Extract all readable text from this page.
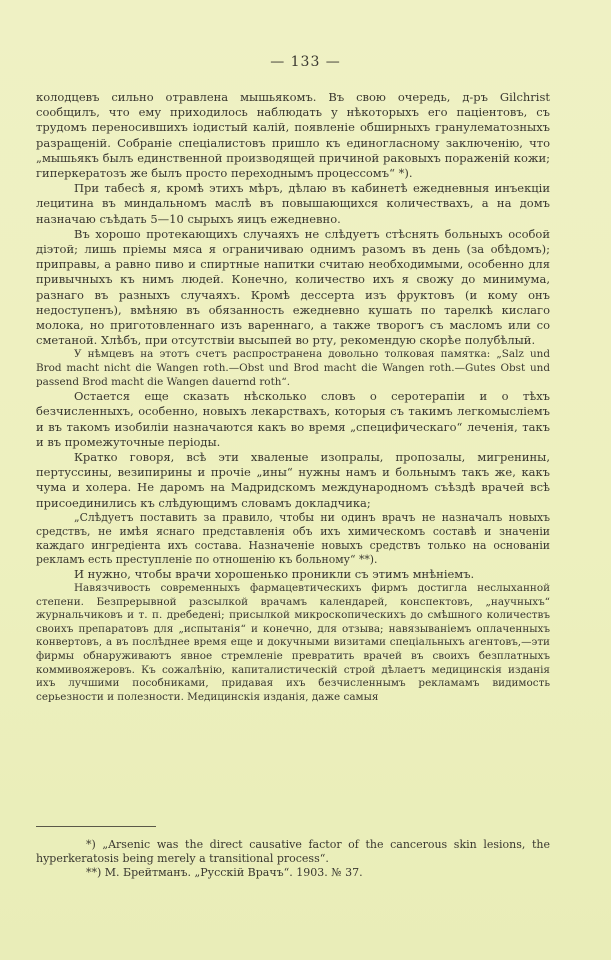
— 133 —

колодцевъ сильно отравлена мышьякомъ. Въ свою очередь, д-ръ Gilchrist сообщилъ, что ему приходилось наблюдать у нѣкоторыхъ его пацiентовъ, съ трудомъ переносившихъ iодистый калiй, появленiе обширныхъ гранулематозныхъ разращенiй. Собранiе спецiалистовъ пришло къ единогласному заключенiю, что „мышьякъ былъ единственной производящей причиной раковыхъ пораженiй кожи; гиперкератозъ же былъ просто переходнымъ процессомъ“ *).

При табесѣ я, кромѣ этихъ мѣръ, дѣлаю въ кабинетѣ ежедневныя инъекцiи лецитина въ миндальномъ маслѣ въ повышающихся количествахъ, а на домъ назначаю съѣдать 5—10 сырыхъ яицъ ежедневно.

Въ хорошо протекающихъ случаяхъ не слѣдуетъ стѣснять больныхъ особой дiэтой; лишь прiемы мяса я ограничиваю однимъ разомъ въ день (за обѣдомъ); приправы, а равно пиво и спиртные напитки считаю необходимыми, особенно для привычныхъ къ нимъ людей. Конечно, количество ихъ я свожу до минимума, разнаго въ разныхъ случаяхъ. Кромѣ дессерта изъ фруктовъ (и кому онъ недоступенъ), вмѣняю въ обязанность ежедневно кушать по тарелкѣ кислаго молока, но приготовленнаго изъ вареннаго, а также творогъ съ масломъ или со сметаной. Хлѣбъ, при отсутствiи высыпей во рту, рекомендую скорѣе полубѣлый.

У нѣмцевъ на этотъ счетъ распространена довольно толковая памятка: „Salz und Brod macht nicht die Wangen roth.—Obst und Brod macht die Wangen roth.—Gutes Obst und passend Brod macht die Wangen dauernd roth“.

Остается еще сказать нѣсколько словъ о серотерапiи и о тѣхъ безчисленныхъ, особенно, новыхъ лекарствахъ, которыя съ такимъ легкомыслiемъ и въ такомъ изобилiи назначаются какъ во время „специфическаго“ леченiя, такъ и въ промежуточные перiоды.

Кратко говоря, всѣ эти хваленые изопралы, пропозалы, мигренины, пертуссины, везипирины и прочiе „ины“ нужны намъ и больнымъ такъ же, какъ чума и холера. Не даромъ на Мадридскомъ международномъ съѣздѣ врачей всѣ присоединились къ слѣдующимъ словамъ докладчика;

„Слѣдуетъ поставить за правило, чтобы ни одинъ врачъ не назначалъ новыхъ средствъ, не имѣя яснаго представленiя объ ихъ химическомъ составѣ и значенiи каждаго ингредiента ихъ состава. Назначенiе новыхъ средствъ только на основанiи рекламъ есть преступленiе по отношенiю къ больному“ **).

И нужно, чтобы врачи хорошенько проникли съ этимъ мнѣнiемъ.

Навязчивость современныхъ фармацевтическихъ фирмъ достигла неслыханной степени. Безпрерывной разсылкой врачамъ календарей, конспектовъ, „научныхъ“ журнальчиковъ и т. п. дребеденi; присылкой микроскопическихъ до смѣшного количествъ своихъ препаратовъ для „испытанiя“ и конечно, для отзыва; навязываніемъ оплаченныхъ конвертовъ, а въ послѣднее время еще и докучными визитами спецiальныхъ агентовъ,—эти фирмы обнаруживаютъ явное стремленiе превратить врачей въ своихъ безплатныхъ коммивояжеровъ. Къ сожалѣнiю, капиталистическiй строй дѣлаетъ медицинскiя изданiя ихъ лучшими пособниками, придавая ихъ безчисленнымъ рекламамъ видимость серьезности и полезности. Медицинскiя изданiя, даже самыя

*) „Arsenic was the direct causative factor of the cancerous skin lesions, the hyperkeratosis being merely a transitional process“.

**) М. Брейтманъ. „Русскiй Врачъ“. 1903. № 37.
